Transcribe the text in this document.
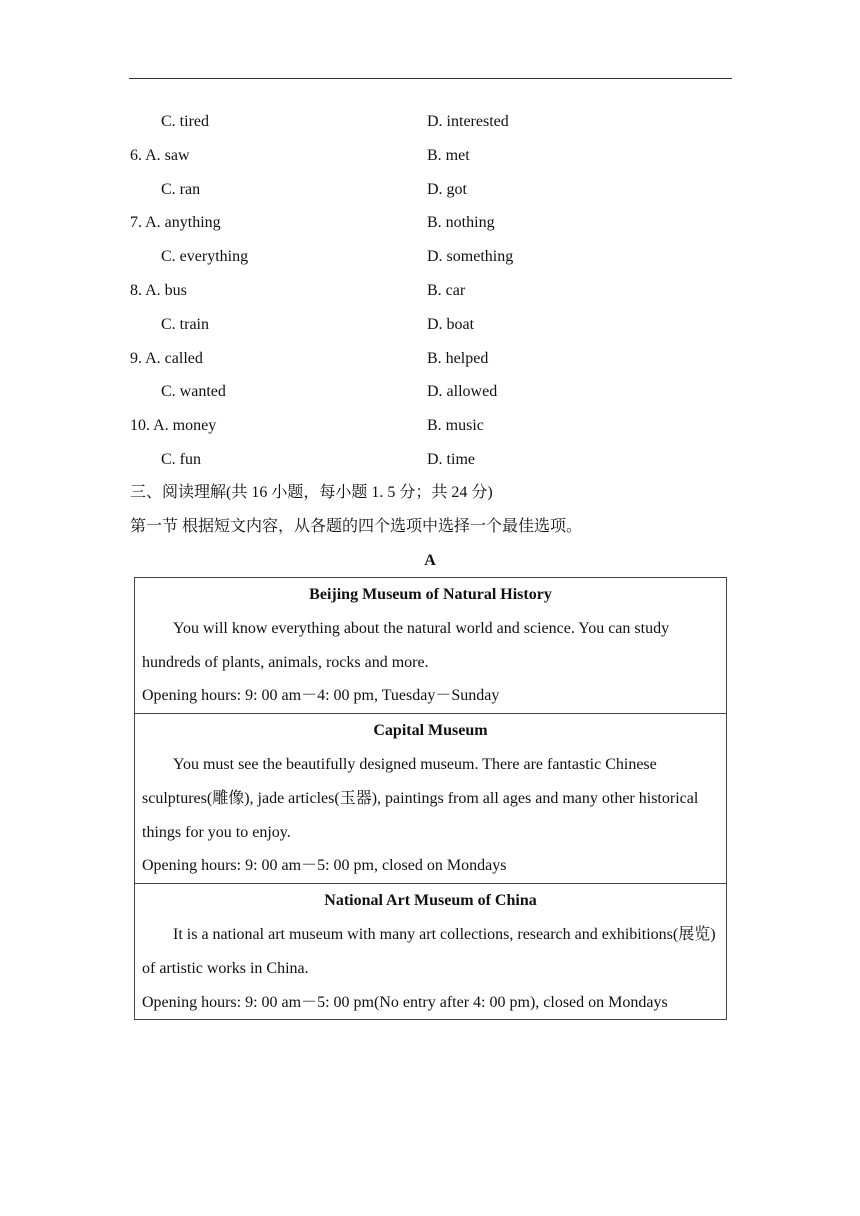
C. tired	D. interested
6. A. saw	B. met
C. ran	D. got
7. A. anything	B. nothing
C. everything	D. something
8. A. bus	B. car
C. train	D. boat
9. A. called	B. helped
C. wanted	D. allowed
10. A. money	B. music
C. fun	D. time
三、阅读理解(共 16 小题，每小题 1. 5 分；共 24 分)
第一节 根据短文内容，从各题的四个选项中选择一个最佳选项。
A
Beijing Museum of Natural History
You will know everything about the natural world and science. You can study hundreds of plants, animals, rocks and more.
Opening hours: 9: 00 am－4: 00 pm, Tuesday－Sunday

Capital Museum
You must see the beautifully designed museum. There are fantastic Chinese sculptures(雕像), jade articles(玉器), paintings from all ages and many other historical things for you to enjoy.
Opening hours: 9: 00 am－5: 00 pm, closed on Mondays

National Art Museum of China
It is a national art museum with many art collections, research and exhibitions(展览) of artistic works in China.
Opening hours: 9: 00 am－5: 00 pm(No entry after 4: 00 pm), closed on Mondays
